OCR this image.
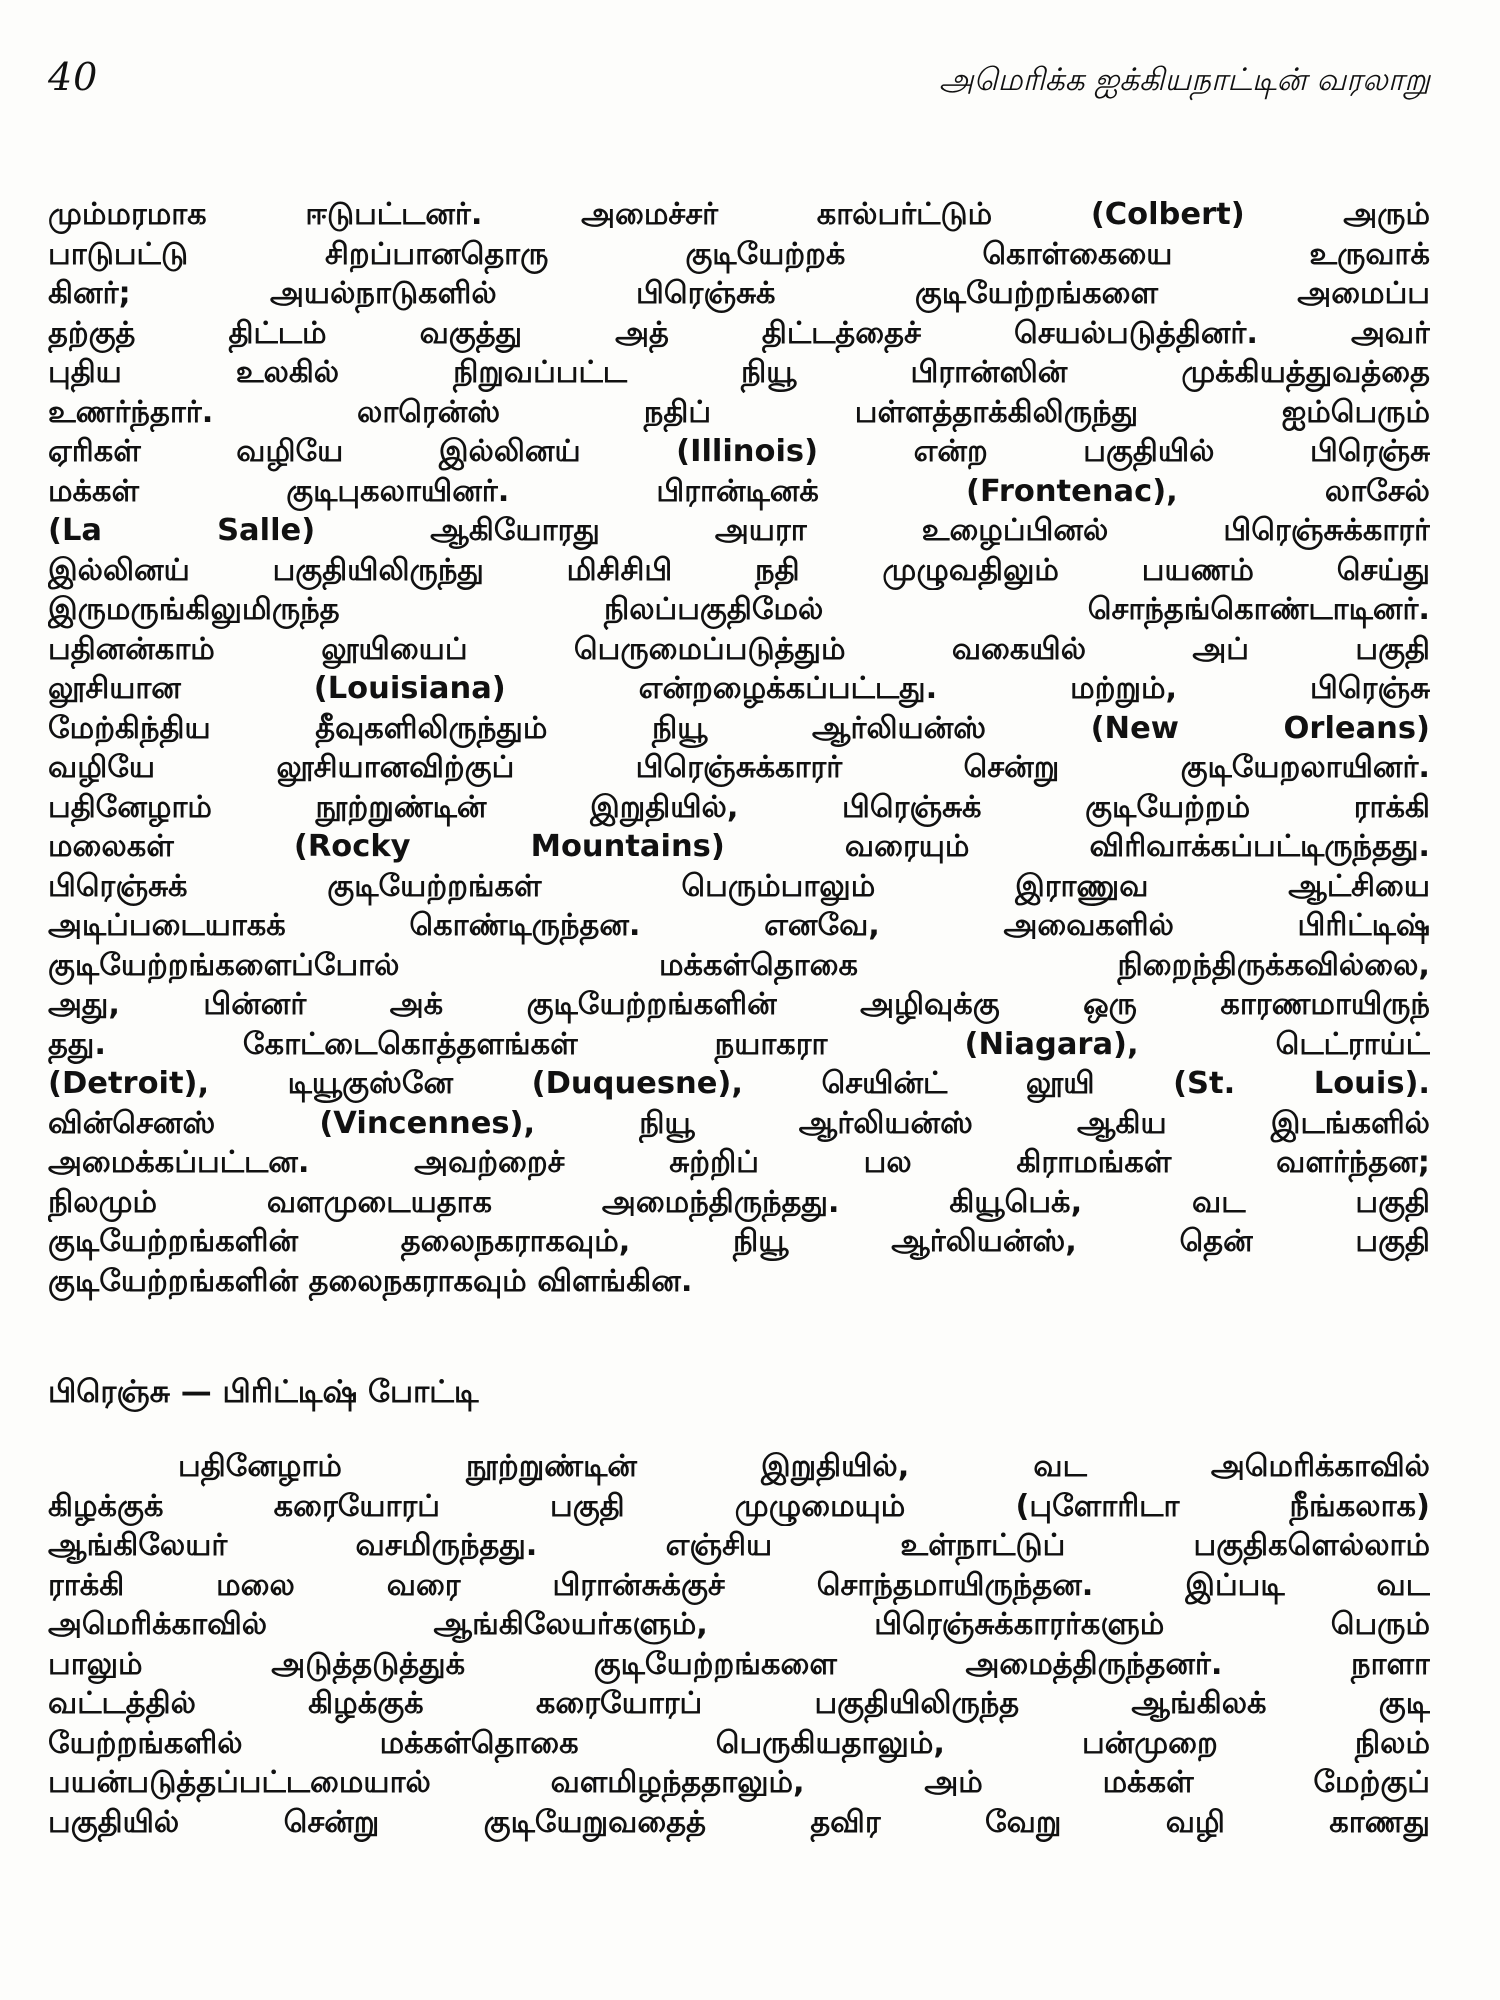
40	அமெரிக்க ஐக்கியநாட்டின் வரலாறு
மும்மரமாக ஈடுபட்டனர். அமைச்சர் கால்பர்ட்டும் (Colbert) அரும்
பாடுபட்டு சிறப்பானதொரு குடியேற்றக் கொள்கையை உருவாக்
கினர்; அயல்நாடுகளில் பிரெஞ்சுக் குடியேற்றங்களை அமைப்ப
தற்குத் திட்டம் வகுத்து அத் திட்டத்தைச் செயல்படுத்தினர். அவர்
புதிய உலகில் நிறுவப்பட்ட நியூ பிரான்ஸின் முக்கியத்துவத்தை
உணர்ந்தார். லாரென்ஸ் நதிப் பள்ளத்தாக்கிலிருந்து ஐம்பெரும்
ஏரிகள் வழியே இல்லினய் (Illinois) என்ற பகுதியில் பிரெஞ்சு
மக்கள் குடிபுகலாயினர். பிரான்டினக் (Frontenac), லாசேல்
(La Salle) ஆகியோரது அயரா உழைப்பினல் பிரெஞ்சுக்காரர்
இல்லினய் பகுதியிலிருந்து மிசிசிபி நதி முழுவதிலும் பயணம் செய்து
இருமருங்கிலுமிருந்த நிலப்பகுதிமேல் சொந்தங்கொண்டாடினர்.
பதினன்காம் லூயியைப் பெருமைப்படுத்தும் வகையில் அப் பகுதி
லூசியான (Louisiana) என்றழைக்கப்பட்டது. மற்றும், பிரெஞ்சு
மேற்கிந்திய தீவுகளிலிருந்தும் நியூ ஆர்லியன்ஸ் (New Orleans)
வழியே லூசியானவிற்குப் பிரெஞ்சுக்காரர் சென்று குடியேறலாயினர்.
பதினேழாம் நூற்றுண்டின் இறுதியில், பிரெஞ்சுக் குடியேற்றம் ராக்கி
மலைகள் (Rocky Mountains) வரையும் விரிவாக்கப்பட்டிருந்தது.
பிரெஞ்சுக் குடியேற்றங்கள் பெரும்பாலும் இராணுவ ஆட்சியை
அடிப்படையாகக் கொண்டிருந்தன. எனவே, அவைகளில் பிரிட்டிஷ்
குடியேற்றங்களைப்போல் மக்கள்தொகை நிறைந்திருக்கவில்லை,
அது, பின்னர் அக் குடியேற்றங்களின் அழிவுக்கு ஒரு காரணமாயிருந்
தது. கோட்டைகொத்தளங்கள் நயாகரா (Niagara), டெட்ராய்ட்
(Detroit), டியூகுஸ்னே (Duquesne), செயின்ட் லூயி (St. Louis).
வின்செனஸ் (Vincennes), நியூ ஆர்லியன்ஸ் ஆகிய இடங்களில்
அமைக்கப்பட்டன. அவற்றைச் சுற்றிப் பல கிராமங்கள் வளர்ந்தன;
நிலமும் வளமுடையதாக அமைந்திருந்தது. கியூபெக், வட பகுதி
குடியேற்றங்களின் தலைநகராகவும், நியூ ஆர்லியன்ஸ், தென் பகுதி
குடியேற்றங்களின் தலைநகராகவும் விளங்கின.
பிரெஞ்சு — பிரிட்டிஷ் போட்டி
பதினேழாம் நூற்றுண்டின் இறுதியில், வட அமெரிக்காவில்
கிழக்குக் கரையோரப் பகுதி முழுமையும் (புளோரிடா நீங்கலாக)
ஆங்கிலேயர் வசமிருந்தது. எஞ்சிய உள்நாட்டுப் பகுதிகளெல்லாம்
ராக்கி மலை வரை பிரான்சுக்குச் சொந்தமாயிருந்தன. இப்படி வட
அமெரிக்காவில் ஆங்கிலேயர்களும், பிரெஞ்சுக்காரர்களும் பெரும்
பாலும் அடுத்தடுத்துக் குடியேற்றங்களை அமைத்திருந்தனர். நாளா
வட்டத்தில் கிழக்குக் கரையோரப் பகுதியிலிருந்த ஆங்கிலக் குடி
யேற்றங்களில் மக்கள்தொகை பெருகியதாலும், பன்முறை நிலம்
பயன்படுத்தப்பட்டமையால் வளமிழந்ததாலும், அம் மக்கள் மேற்குப்
பகுதியில் சென்று குடியேறுவதைத் தவிர வேறு வழி காணது
